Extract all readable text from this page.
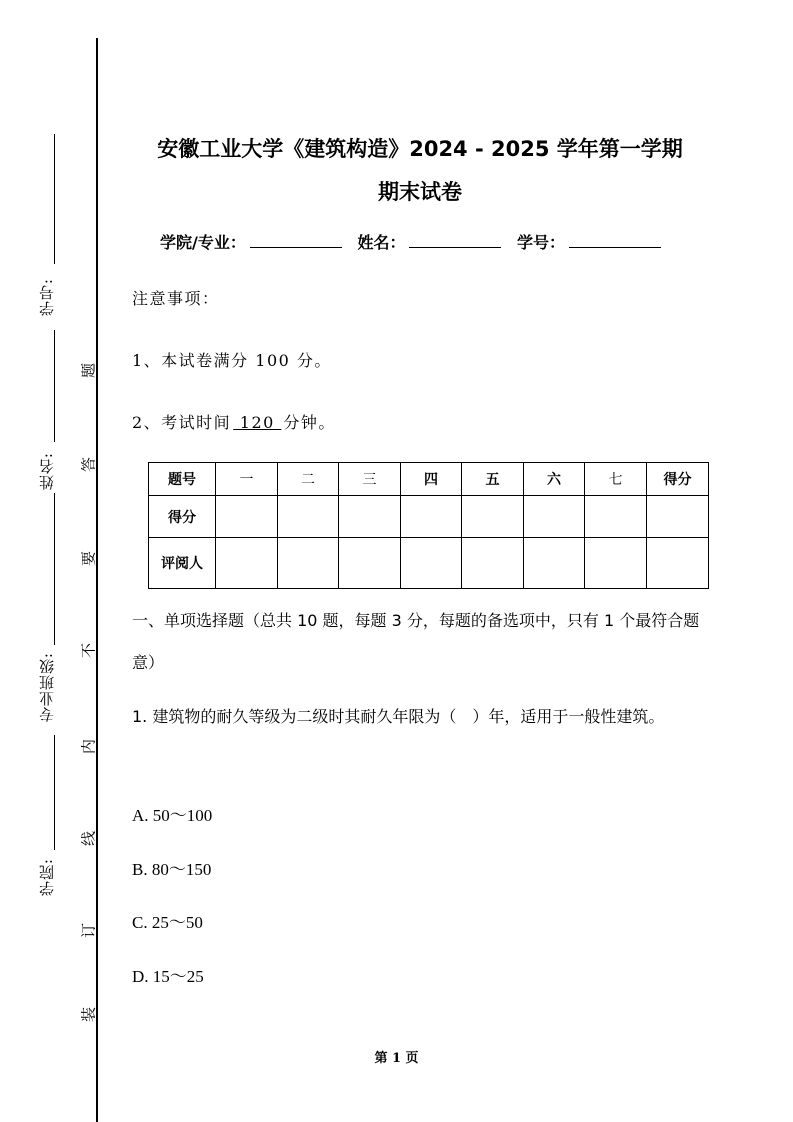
学号:
姓名:
专业班级:
学院:
题
答
要
不
内
线
订
装
安徽工业大学《建筑构造》2024 - 2025 学年第一学期
期末试卷
学院/专业：	姓名：	学号：
注意事项：
1、本试卷满分 100 分。
2、考试时间 120 分钟。
题号	一	二	三	四	五	六	七	得分
得分								
评阅人								
一、单项选择题（总共 10 题，每题 3 分，每题的备选项中，只有 1 个最符合题意）
1. 建筑物的耐久等级为二级时其耐久年限为（　）年，适用于一般性建筑。
A. 50～100
B. 80～150
C. 25～50
D. 15～25
第 1 页
